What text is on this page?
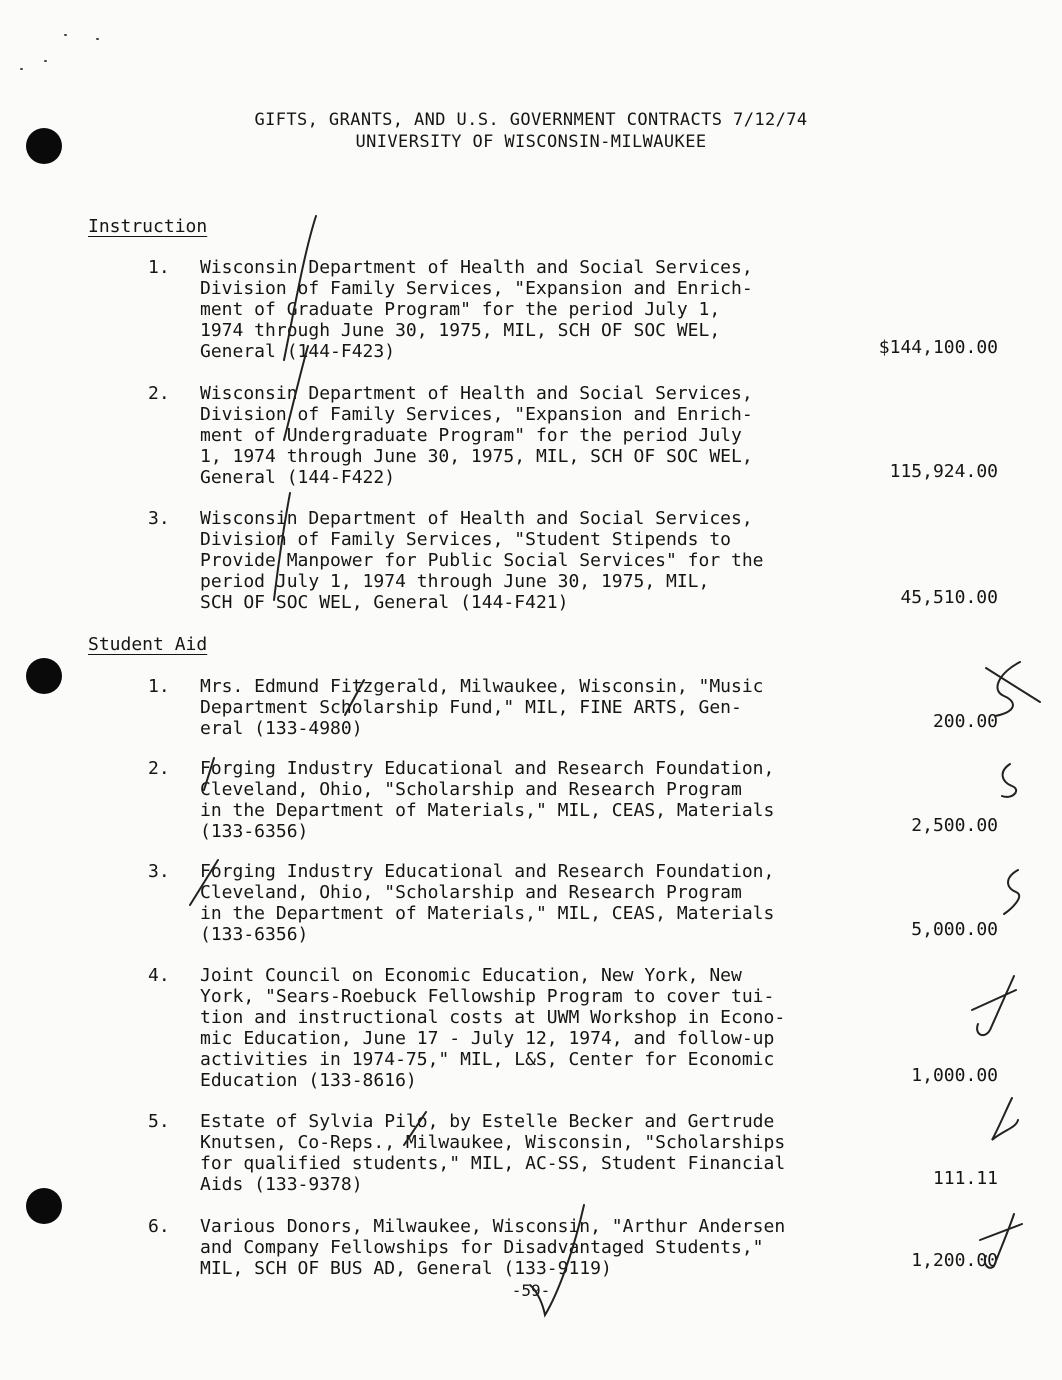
GIFTS, GRANTS, AND U.S. GOVERNMENT CONTRACTS 7/12/74
UNIVERSITY OF WISCONSIN-MILWAUKEE
Instruction
1.	Wisconsin Department of Health and Social Services,
Division of Family Services, "Expansion and Enrich-
ment of Graduate Program" for the period July 1,
1974 through June 30, 1975, MIL, SCH OF SOC WEL,
General (144-F423)	$144,100.00
2.	Wisconsin Department of Health and Social Services,
Division of Family Services, "Expansion and Enrich-
ment of Undergraduate Program" for the period July
1, 1974 through June 30, 1975, MIL, SCH OF SOC WEL,
General (144-F422)	115,924.00
3.	Wisconsin Department of Health and Social Services,
Division of Family Services, "Student Stipends to
Provide Manpower for Public Social Services" for the
period July 1, 1974 through June 30, 1975, MIL,
SCH OF SOC WEL, General (144-F421)	45,510.00
Student Aid
1.	Mrs. Edmund Fitzgerald, Milwaukee, Wisconsin, "Music
Department Scholarship Fund," MIL, FINE ARTS, Gen-
eral (133-4980)	200.00
2.	Forging Industry Educational and Research Foundation,
Cleveland, Ohio, "Scholarship and Research Program
in the Department of Materials," MIL, CEAS, Materials
(133-6356)	2,500.00
3.	Forging Industry Educational and Research Foundation,
Cleveland, Ohio, "Scholarship and Research Program
in the Department of Materials," MIL, CEAS, Materials
(133-6356)	5,000.00
4.	Joint Council on Economic Education, New York, New
York, "Sears-Roebuck Fellowship Program to cover tui-
tion and instructional costs at UWM Workshop in Econo-
mic Education, June 17 - July 12, 1974, and follow-up
activities in 1974-75," MIL, L&S, Center for Economic
Education (133-8616)	1,000.00
5.	Estate of Sylvia Pilo, by Estelle Becker and Gertrude
Knutsen, Co-Reps., Milwaukee, Wisconsin, "Scholarships
for qualified students," MIL, AC-SS, Student Financial
Aids (133-9378)	111.11
6.	Various Donors, Milwaukee, Wisconsin, "Arthur Andersen
and Company Fellowships for Disadvantaged Students,"
MIL, SCH OF BUS AD, General (133-9119)	1,200.00
-59-
